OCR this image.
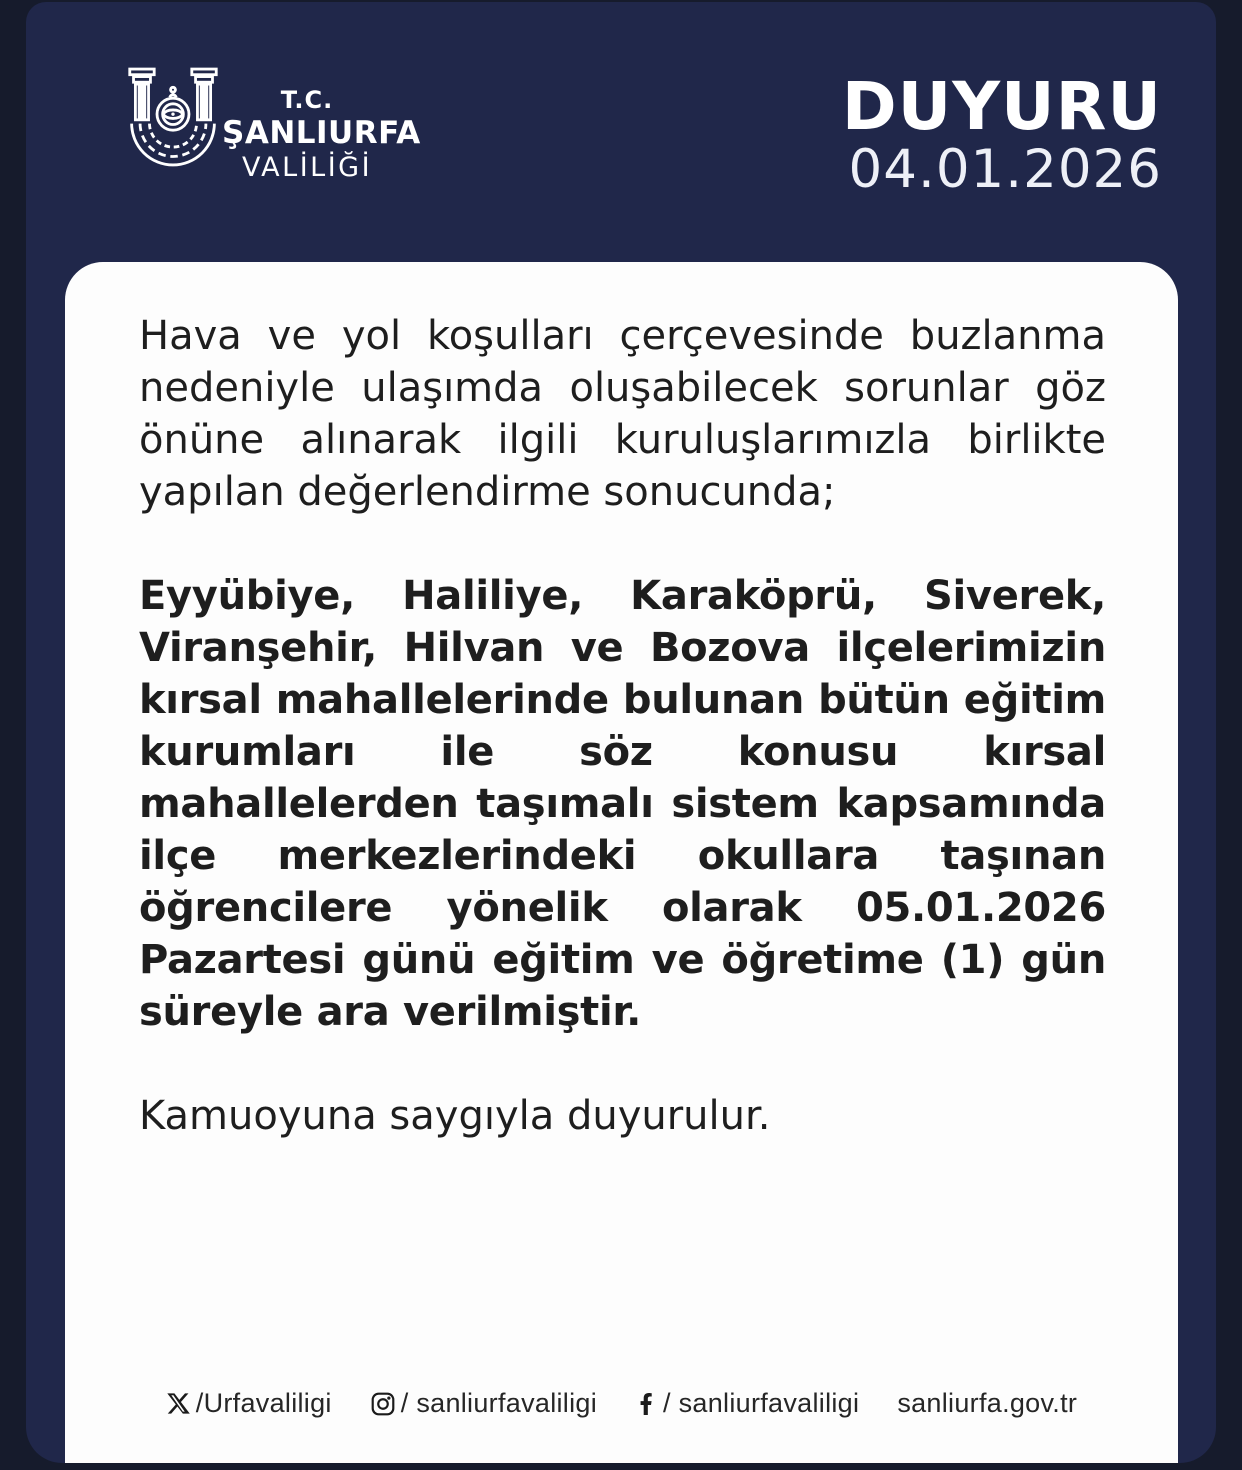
T.C.
ŞANLIURFA
VALİLİĞİ
DUYURU
04.01.2026

Hava ve yol koşulları çerçevesinde buzlanma nedeniyle ulaşımda oluşabilecek sorunlar göz önüne alınarak ilgili kuruluşlarımızla birlikte yapılan değerlendirme sonucunda;

Eyyübiye, Haliliye, Karaköprü, Siverek, Viranşehir, Hilvan ve Bozova ilçelerimizin kırsal mahallelerinde bulunan bütün eğitim kurumları ile söz konusu kırsal mahallelerden taşımalı sistem kapsamında ilçe merkezlerindeki okullara taşınan öğrencilere yönelik olarak 05.01.2026 Pazartesi günü eğitim ve öğretime (1) gün süreyle ara verilmiştir.

Kamuoyuna saygıyla duyurulur.

/Urfavaliligi	/ sanliurfavaliligi / sanliurfavaliligi sanliurfa.gov.tr
